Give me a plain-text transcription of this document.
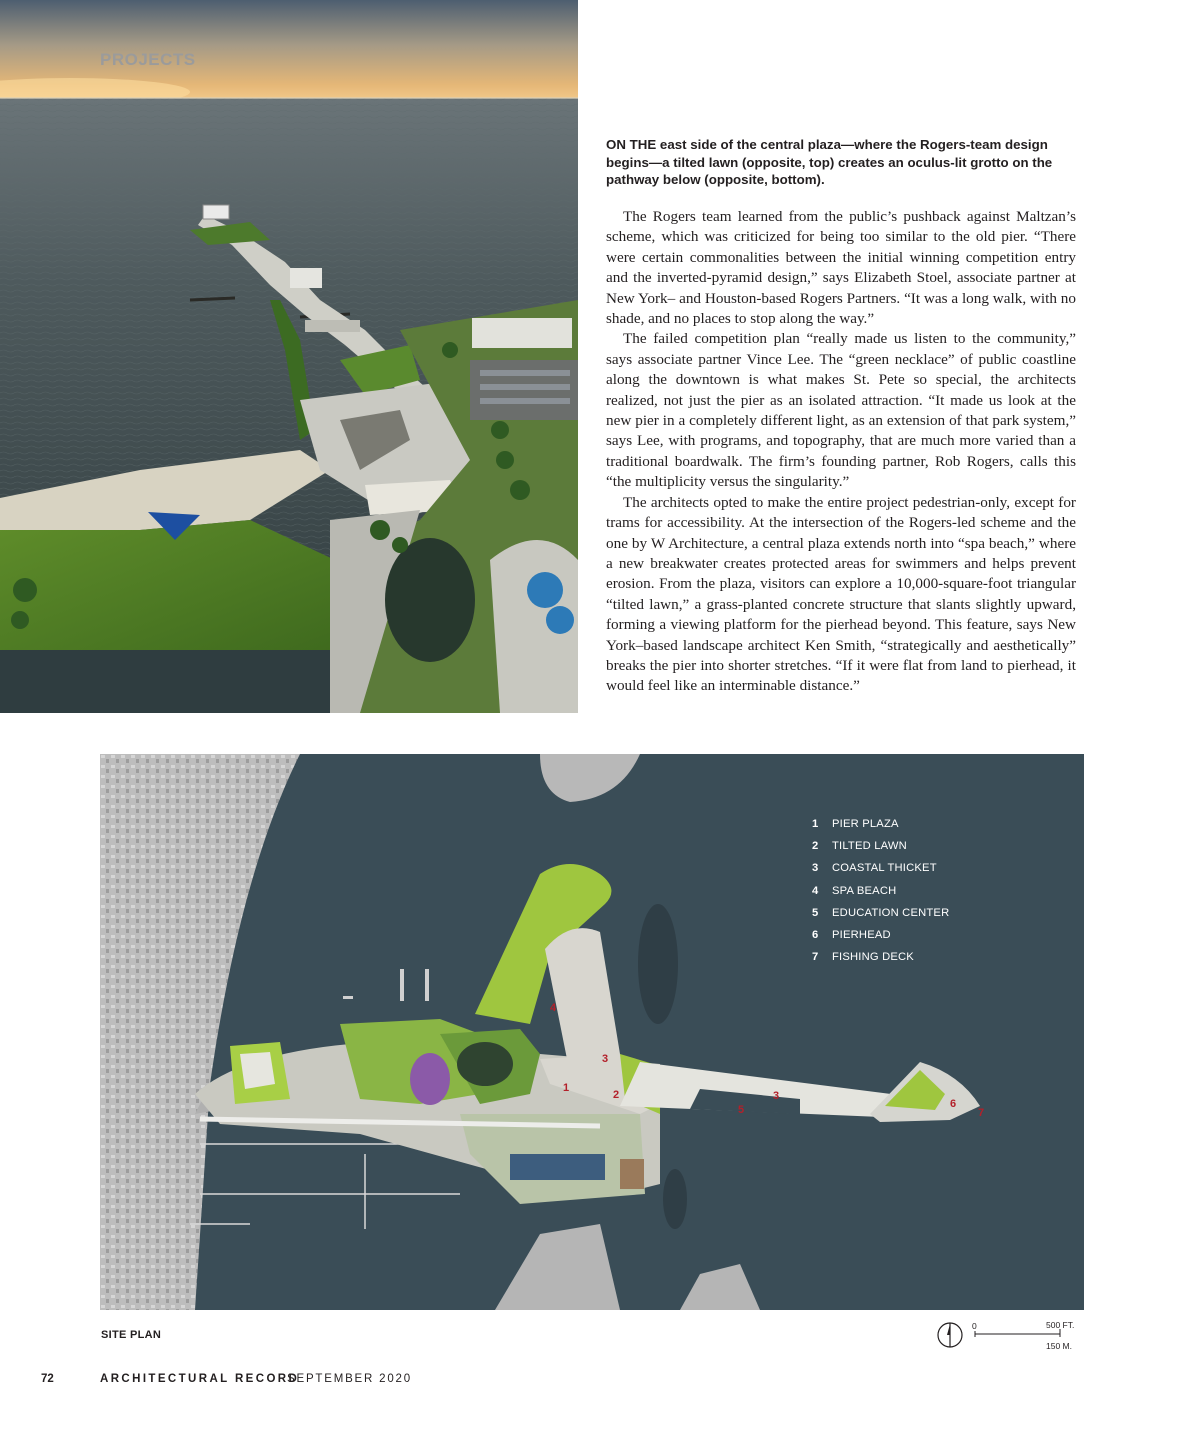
PROJECTS

ON THE east side of the central plaza—where the Rogers-team design begins—a tilted lawn (opposite, top) creates an oculus-lit grotto on the pathway below (opposite, bottom).

The Rogers team learned from the public’s pushback against Maltzan’s scheme, which was criticized for being too similar to the old pier. “There were certain commonalities between the initial winning competition entry and the inverted-pyramid design,” says Elizabeth Stoel, associate partner at New York– and Houston-based Rogers Partners. “It was a long walk, with no shade, and no places to stop along the way.”

The failed competition plan “really made us listen to the community,” says associate partner Vince Lee. The “green necklace” of public coastline along the downtown is what makes St. Pete so special, the architects realized, not just the pier as an isolated attraction. “It made us look at the new pier in a completely different light, as an extension of that park system,” says Lee, with programs, and topography, that are much more varied than a traditional boardwalk. The firm’s founding partner, Rob Rogers, calls this “the multiplicity versus the singularity.”

The architects opted to make the entire project pedestrian-only, except for trams for accessibility. At the intersection of the Rogers-led scheme and the one by W Architecture, a central plaza extends north into “spa beach,” where a new breakwater creates protected areas for swimmers and helps prevent erosion. From the plaza, visitors can explore a 10,000-square-foot triangular “tilted lawn,” a grass-planted concrete structure that slants slightly upward, forming a viewing platform for the pierhead beyond. This feature, says New York–based landscape architect Ken Smith, “strategically and aesthetically” breaks the pier into shorter stretches. “If it were flat from land to pierhead, it would feel like an interminable distance.”

4
3
1
2	3
5	6
7
1 PIER PLAZA
2 TILTED LAWN
3 COASTAL THICKET
4 SPA BEACH
5 EDUCATION CENTER
6 PIERHEAD
7 FISHING DECK
SITE PLAN
0	500 FT.
150 M.
72	ARCHITECTURAL RECORD
SEPTEMBER 2020
